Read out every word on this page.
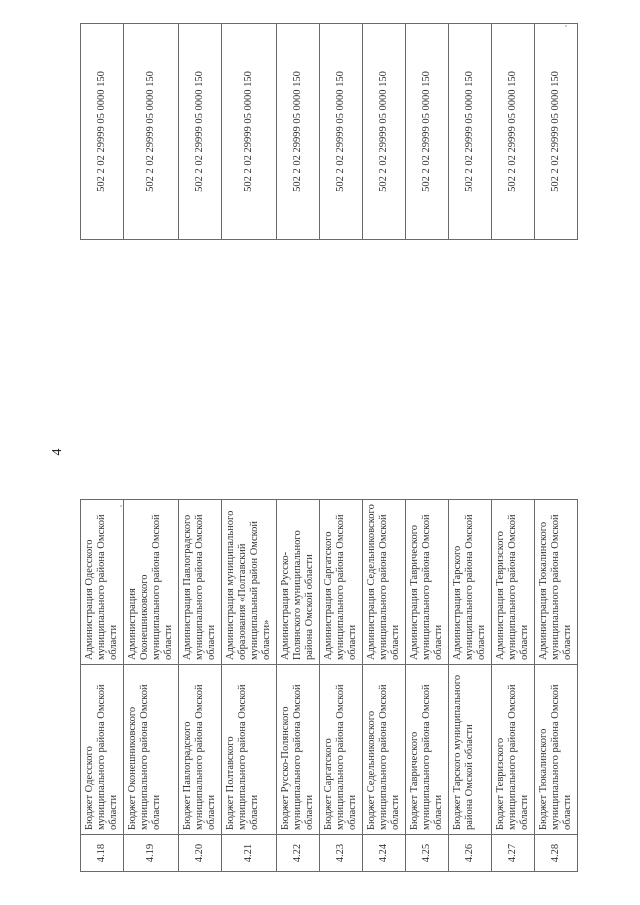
4
4.18	Бюджет Одесского муниципального района Омской области	Администрация Одесского муниципального района Омской области		502 2 02 29999 05 0000 150
4.19	Бюджет Оконешниковского муниципального района Омской области	Администрация Оконешниковского муниципального района Омской области		502 2 02 29999 05 0000 150
4.20	Бюджет Павлоградского муниципального района Омской области	Администрация Павлоградского муниципального района Омской области		502 2 02 29999 05 0000 150
4.21	Бюджет Полтавского муниципального района Омской области	Администрация муниципального образования «Полтавский муниципальный район Омской области»		502 2 02 29999 05 0000 150
4.22	Бюджет Русско-Полянского муниципального района Омской области	Администрация Русско-Полянского муниципального района Омской области		502 2 02 29999 05 0000 150
4.23	Бюджет Саргатского муниципального района Омской области	Администрация Саргатского муниципального района Омской области		502 2 02 29999 05 0000 150
4.24	Бюджет Седельниковского муниципального района Омской области	Администрация Седельниковского муниципального района Омской области		502 2 02 29999 05 0000 150
4.25	Бюджет Таврического муниципального района Омской области	Администрация Таврического муниципального района Омской области		502 2 02 29999 05 0000 150
4.26	Бюджет Тарского муниципального района Омской области	Администрация Тарского муниципального района Омской области		502 2 02 29999 05 0000 150
4.27	Бюджет Тевризского муниципального района Омской области	Администрация Тевризского муниципального района Омской области		502 2 02 29999 05 0000 150
4.28	Бюджет Тюкалинского муниципального района Омской области	Администрация Тюкалинского муниципального района Омской области		502 2 02 29999 05 0000 150
